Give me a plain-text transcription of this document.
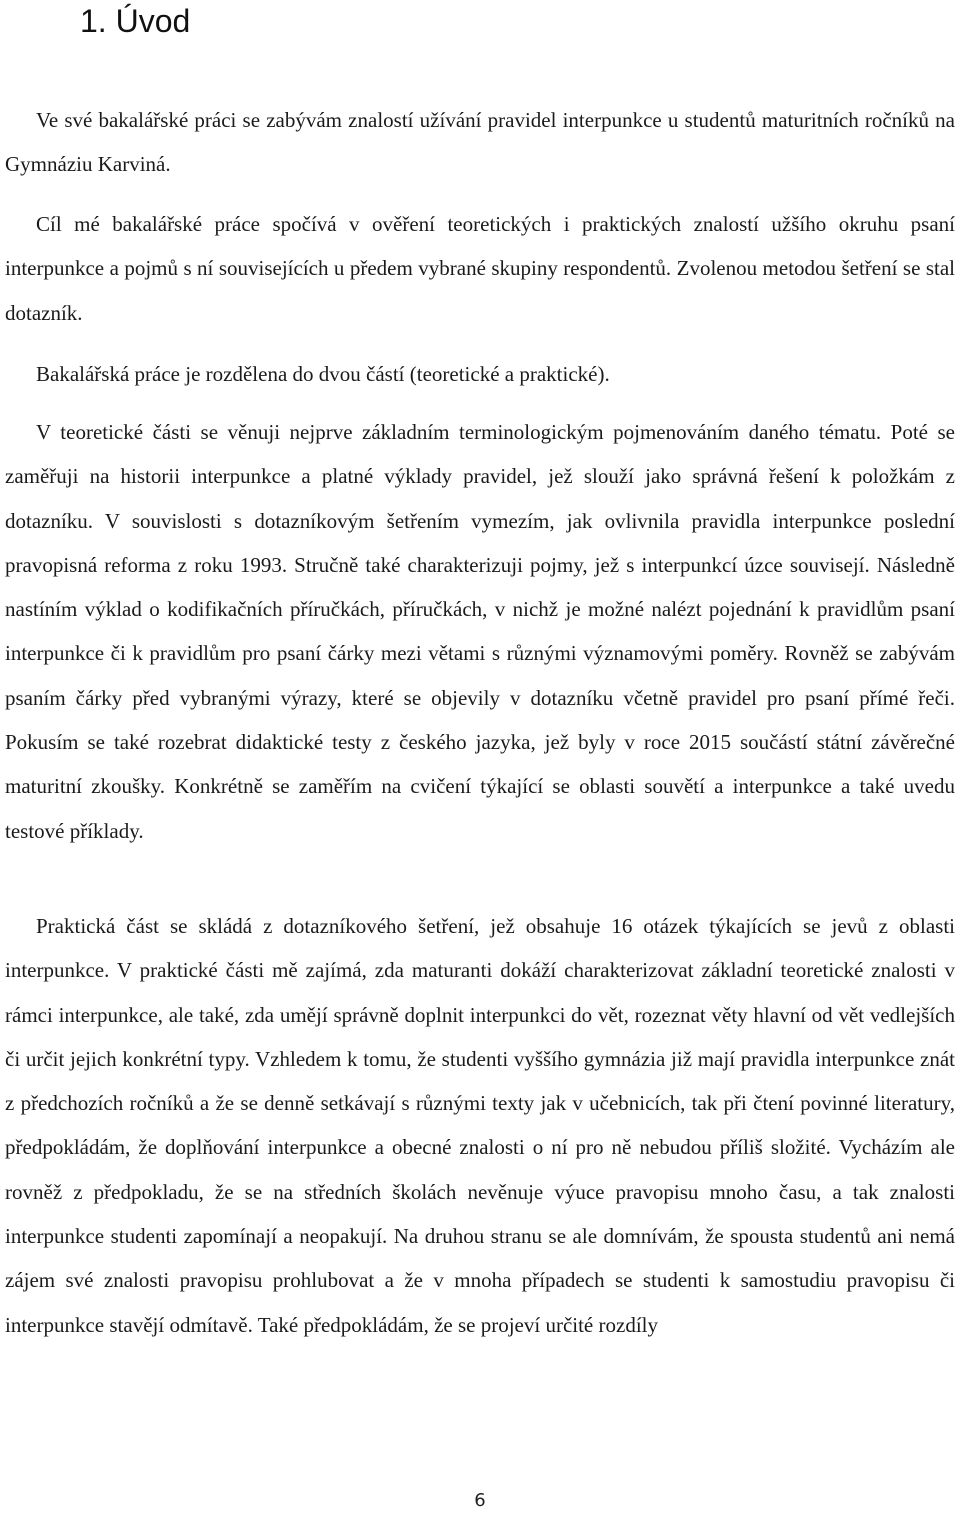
1. Úvod

Ve své bakalářské práci se zabývám znalostí užívání pravidel interpunkce u studentů maturitních ročníků na Gymnáziu Karviná.

Cíl mé bakalářské práce spočívá v ověření teoretických i praktických znalostí užšího okruhu psaní interpunkce a pojmů s ní souvisejících u předem vybrané skupiny respondentů. Zvolenou metodou šetření se stal dotazník.

Bakalářská práce je rozdělena do dvou částí (teoretické a praktické).

V teoretické části se věnuji nejprve základním terminologickým pojmenováním daného tématu. Poté se zaměřuji na historii interpunkce a platné výklady pravidel, jež slouží jako správná řešení k položkám z dotazníku. V souvislosti s dotazníkovým šetřením vymezím, jak ovlivnila pravidla interpunkce poslední pravopisná reforma z roku 1993. Stručně také charakterizuji pojmy, jež s interpunkcí úzce souvisejí. Následně nastíním výklad o kodifikačních příručkách, příručkách, v nichž je možné nalézt pojednání k pravidlům psaní interpunkce či k pravidlům pro psaní čárky mezi větami s různými významovými poměry. Rovněž se zabývám psaním čárky před vybranými výrazy, které se objevily v dotazníku včetně pravidel pro psaní přímé řeči. Pokusím se také rozebrat didaktické testy z českého jazyka, jež byly v roce 2015 součástí státní závěrečné maturitní zkoušky. Konkrétně se zaměřím na cvičení týkající se oblasti souvětí a interpunkce a také uvedu testové příklady.

Praktická část se skládá z dotazníkového šetření, jež obsahuje 16 otázek týkajících se jevů z oblasti interpunkce. V praktické části mě zajímá, zda maturanti dokáží charakterizovat základní teoretické znalosti v rámci interpunkce, ale také, zda umějí správně doplnit interpunkci do vět, rozeznat věty hlavní od vět vedlejších či určit jejich konkrétní typy. Vzhledem k tomu, že studenti vyššího gymnázia již mají pravidla interpunkce znát z předchozích ročníků a že se denně setkávají s různými texty jak v učebnicích, tak při čtení povinné literatury, předpokládám, že doplňování interpunkce a obecné znalosti o ní pro ně nebudou příliš složité. Vycházím ale rovněž z předpokladu, že se na středních školách nevěnuje výuce pravopisu mnoho času, a tak znalosti interpunkce studenti zapomínají a neopakují. Na druhou stranu se ale domnívám, že spousta studentů ani nemá zájem své znalosti pravopisu prohlubovat a že v mnoha případech se studenti k samostudiu pravopisu či interpunkce stavějí odmítavě. Také předpokládám, že se projeví určité rozdíly

6
